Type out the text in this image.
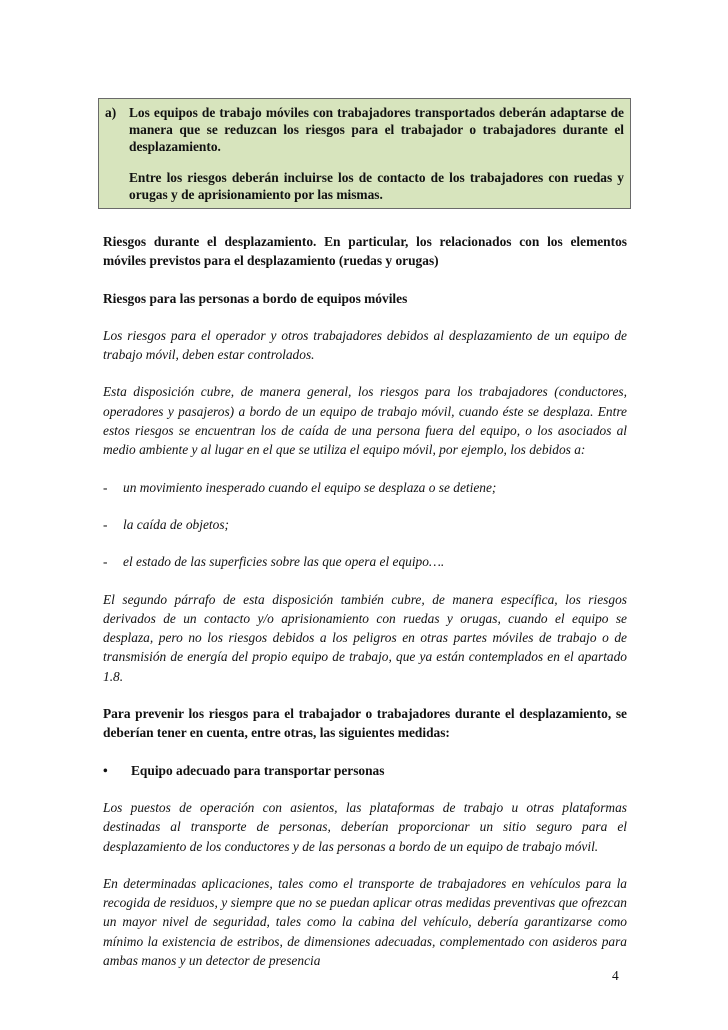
a) Los equipos de trabajo móviles con trabajadores transportados deberán adaptarse de manera que se reduzcan los riesgos para el trabajador o trabajadores durante el desplazamiento.

Entre los riesgos deberán incluirse los de contacto de los trabajadores con ruedas y orugas y de aprisionamiento por las mismas.

Riesgos durante el desplazamiento. En particular, los relacionados con los elementos móviles previstos para el desplazamiento (ruedas y orugas)

Riesgos para las personas a bordo de equipos móviles

Los riesgos para el operador y otros trabajadores debidos al desplazamiento de un equipo de trabajo móvil, deben estar controlados.

Esta disposición cubre, de manera general, los riesgos para los trabajadores (conductores, operadores y pasajeros) a bordo de un equipo de trabajo móvil, cuando éste se desplaza. Entre estos riesgos se encuentran los de caída de una persona fuera del equipo, o los asociados al medio ambiente y al lugar en el que se utiliza el equipo móvil, por ejemplo, los debidos a:

-	un movimiento inesperado cuando el equipo se desplaza o se detiene;

-	la caída de objetos;

-	el estado de las superficies sobre las que opera el equipo….

El segundo párrafo de esta disposición también cubre, de manera específica, los riesgos derivados de un contacto y/o aprisionamiento con ruedas y orugas, cuando el equipo se desplaza, pero no los riesgos debidos a los peligros en otras partes móviles de trabajo o de transmisión de energía del propio equipo de trabajo, que ya están contemplados en el apartado 1.8.

Para prevenir los riesgos para el trabajador o trabajadores durante el desplazamiento, se deberían tener en cuenta, entre otras, las siguientes medidas:

•	Equipo adecuado para transportar personas

Los puestos de operación con asientos, las plataformas de trabajo u otras plataformas destinadas al transporte de personas, deberían proporcionar un sitio seguro para el desplazamiento de los conductores y de las personas a bordo de un equipo de trabajo móvil.

En determinadas aplicaciones, tales como el transporte de trabajadores en vehículos para la recogida de residuos, y siempre que no se puedan aplicar otras medidas preventivas que ofrezcan un mayor nivel de seguridad, tales como la cabina del vehículo, debería garantizarse como mínimo la existencia de estribos, de dimensiones adecuadas, complementado con asideros para ambas manos y un detector de presencia

4
